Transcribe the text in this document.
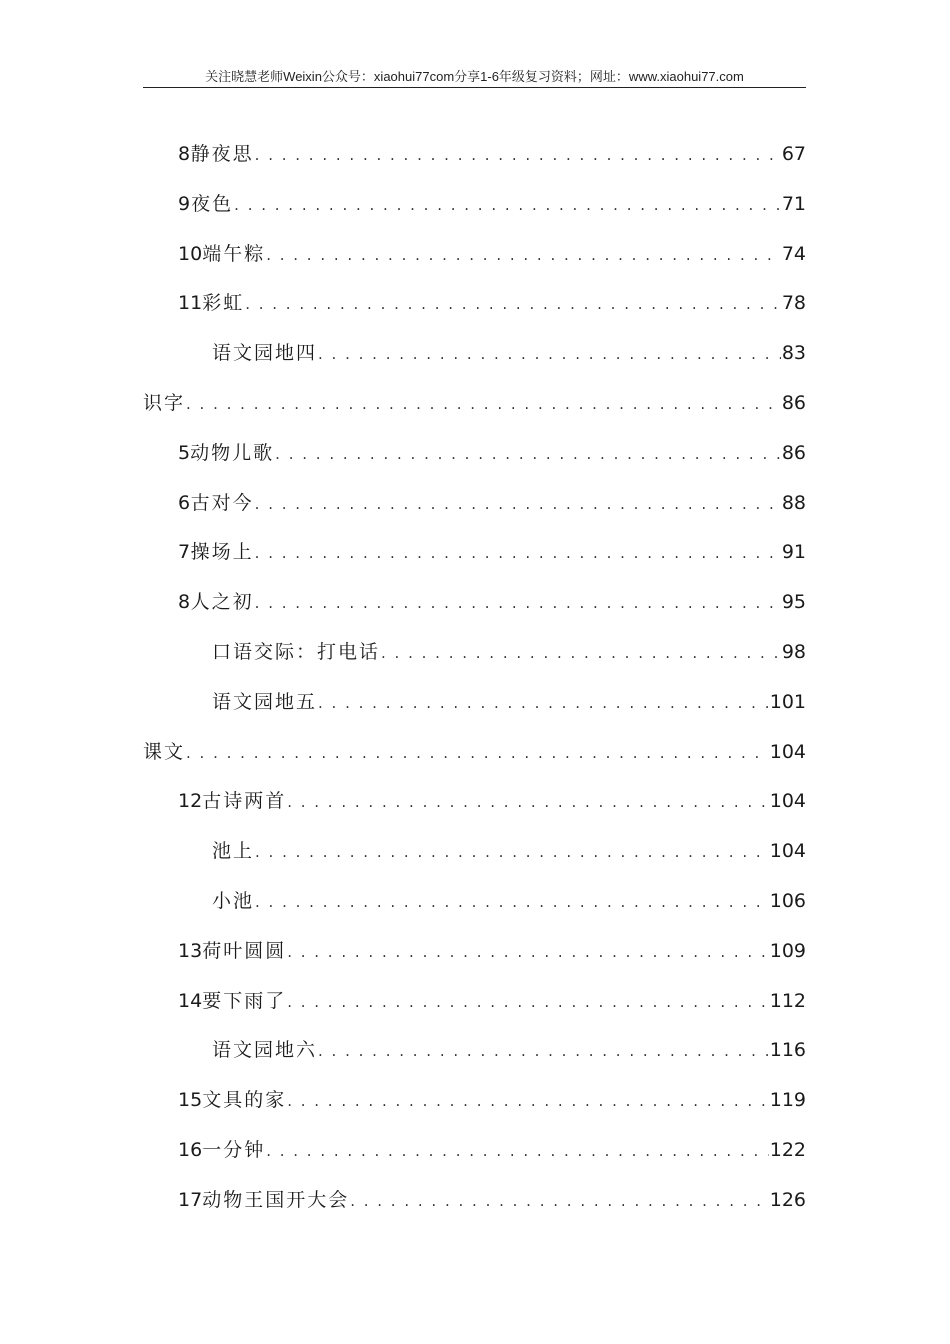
关注晓慧老师Weixin公众号：xiaohui77com分享1-6年级复习资料；网址：www.xiaohui77.com
8 静夜思 . . .	67
9 夜色 . . .	71
10 端午粽 . . .	74
11 彩虹 . . .	78
语文园地四 . . .	83
识字 . . .	86
5 动物儿歌 . . .	86
6 古对今 . . .	88
7 操场上 . . .	91
8 人之初 . . .	95
口语交际：打电话 . . .	98
语文园地五 . . .	101
课文 . . .	104
12 古诗两首 . . .	104
池上 . . .	104
小池 . . .	106
13 荷叶圆圆 . . .	109
14 要下雨了 . . .	112
语文园地六 . . .	116
15 文具的家 . . .	119
16 一分钟 . . .	122
17 动物王国开大会 . . .	126
